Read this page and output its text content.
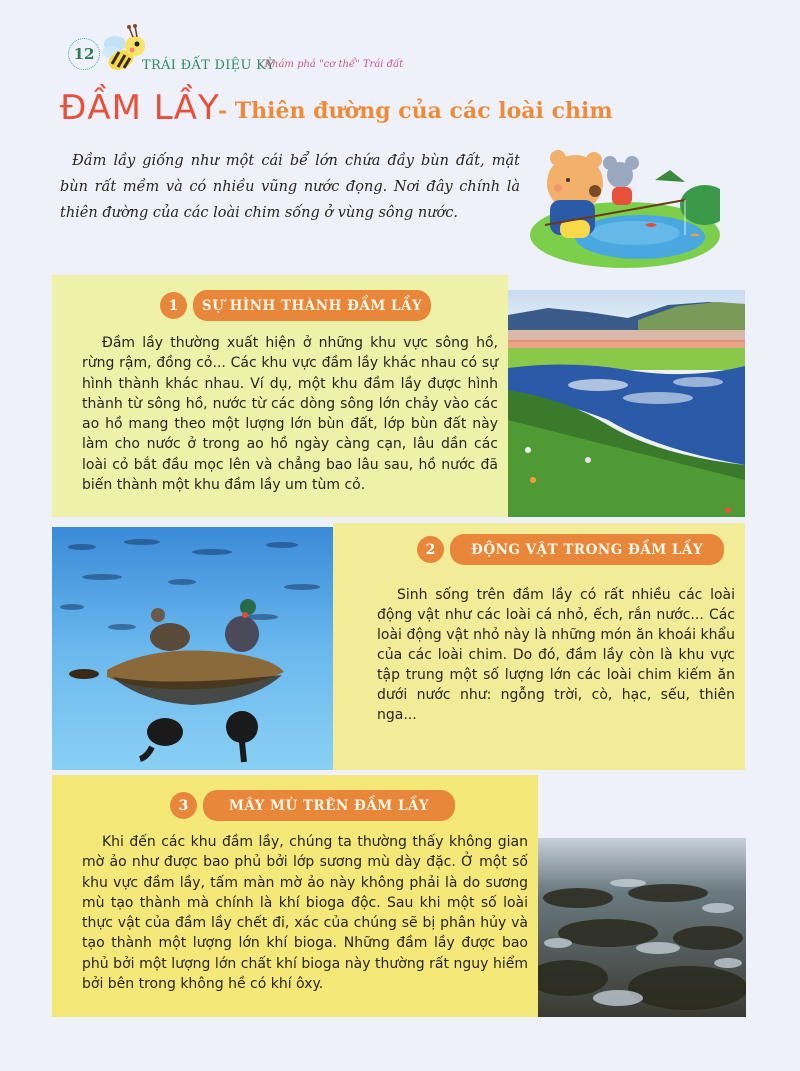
12
TRÁI ĐẤT DIỆU KỲ
- Khám phá "cơ thể" Trái đất
ĐẦM LẦY
- Thiên đường của các loài chim

Đầm lầy giống như một cái bể lớn chứa đầy bùn đất, mặt bùn rất mềm và có nhiều vũng nước đọng. Nơi đây chính là thiên đường của các loài chim sống ở vùng sông nước.

1	SỰ HÌNH THÀNH ĐẦM LẦY

Đầm lầy thường xuất hiện ở những khu vực sông hồ, rừng rậm, đồng cỏ... Các khu vực đầm lầy khác nhau có sự hình thành khác nhau. Ví dụ, một khu đầm lầy được hình thành từ sông hồ, nước từ các dòng sông lớn chảy vào các ao hồ mang theo một lượng lớn bùn đất, lớp bùn đất này làm cho nước ở trong ao hồ ngày càng cạn, lâu dần các loài cỏ bắt đầu mọc lên và chẳng bao lâu sau, hồ nước đã biến thành một khu đầm lầy um tùm cỏ.

2	ĐỘNG VẬT TRONG ĐẦM LẦY

Sinh sống trên đầm lầy có rất nhiều các loài động vật như các loài cá nhỏ, ếch, rắn nước... Các loài động vật nhỏ này là những món ăn khoái khẩu của các loài chim. Do đó, đầm lầy còn là khu vực tập trung một số lượng lớn các loài chim kiếm ăn dưới nước như: ngỗng trời, cò, hạc, sếu, thiên nga...

3	MÂY MÙ TRÊN ĐẦM LẦY

Khi đến các khu đầm lầy, chúng ta thường thấy không gian mờ ảo như được bao phủ bởi lớp sương mù dày đặc. Ở một số khu vực đầm lầy, tấm màn mờ ảo này không phải là do sương mù tạo thành mà chính là khí bioga độc. Sau khi một số loài thực vật của đầm lầy chết đi, xác của chúng sẽ bị phân hủy và tạo thành một lượng lớn khí bioga. Những đầm lầy được bao phủ bởi một lượng lớn chất khí bioga này thường rất nguy hiểm bởi bên trong không hề có khí ôxy.
